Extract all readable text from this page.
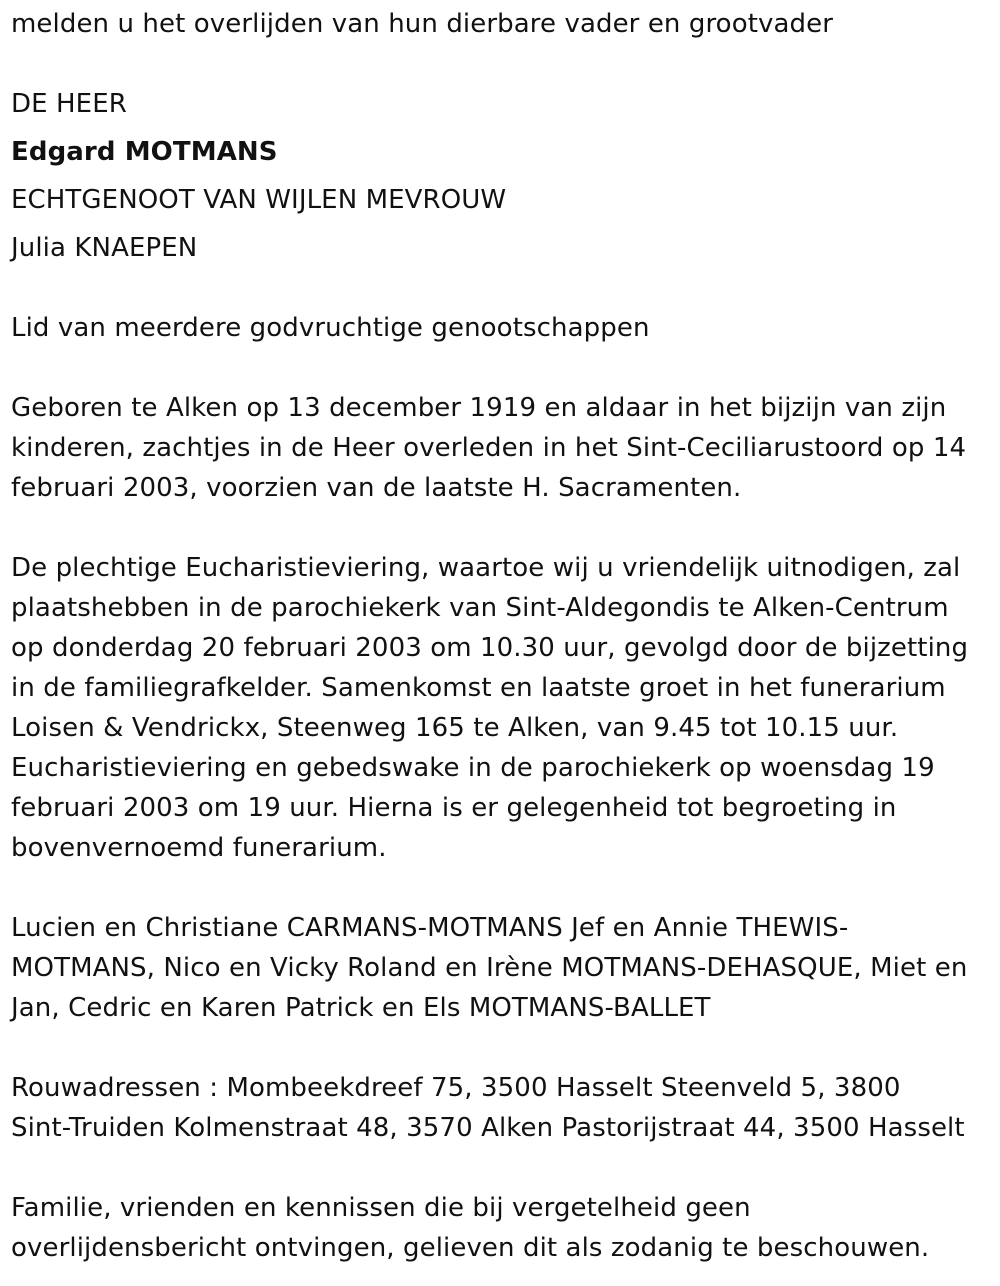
melden u het overlijden van hun dierbare vader en grootvader
DE HEER
Edgard MOTMANS
ECHTGENOOT VAN WIJLEN MEVROUW
Julia KNAEPEN
Lid van meerdere godvruchtige genootschappen
Geboren te Alken op 13 december 1919 en aldaar in het bijzijn van zijn
kinderen, zachtjes in de Heer overleden in het Sint-Ceciliarustoord op 14
februari 2003, voorzien van de laatste H. Sacramenten.
De plechtige Eucharistieviering, waartoe wij u vriendelijk uitnodigen, zal
plaatshebben in de parochiekerk van Sint-Aldegondis te Alken-Centrum
op donderdag 20 februari 2003 om 10.30 uur, gevolgd door de bijzetting
in de familiegrafkelder. Samenkomst en laatste groet in het funerarium
Loisen & Vendrickx, Steenweg 165 te Alken, van 9.45 tot 10.15 uur.
Eucharistieviering en gebedswake in de parochiekerk op woensdag 19
februari 2003 om 19 uur. Hierna is er gelegenheid tot begroeting in
bovenvernoemd funerarium.
Lucien en Christiane CARMANS-MOTMANS Jef en Annie THEWIS-
MOTMANS, Nico en Vicky Roland en Irène MOTMANS-DEHASQUE, Miet en
Jan, Cedric en Karen Patrick en Els MOTMANS-BALLET
Rouwadressen : Mombeekdreef 75, 3500 Hasselt Steenveld 5, 3800
Sint-Truiden Kolmenstraat 48, 3570 Alken Pastorijstraat 44, 3500 Hasselt
Familie, vrienden en kennissen die bij vergetelheid geen
overlijdensbericht ontvingen, gelieven dit als zodanig te beschouwen.
